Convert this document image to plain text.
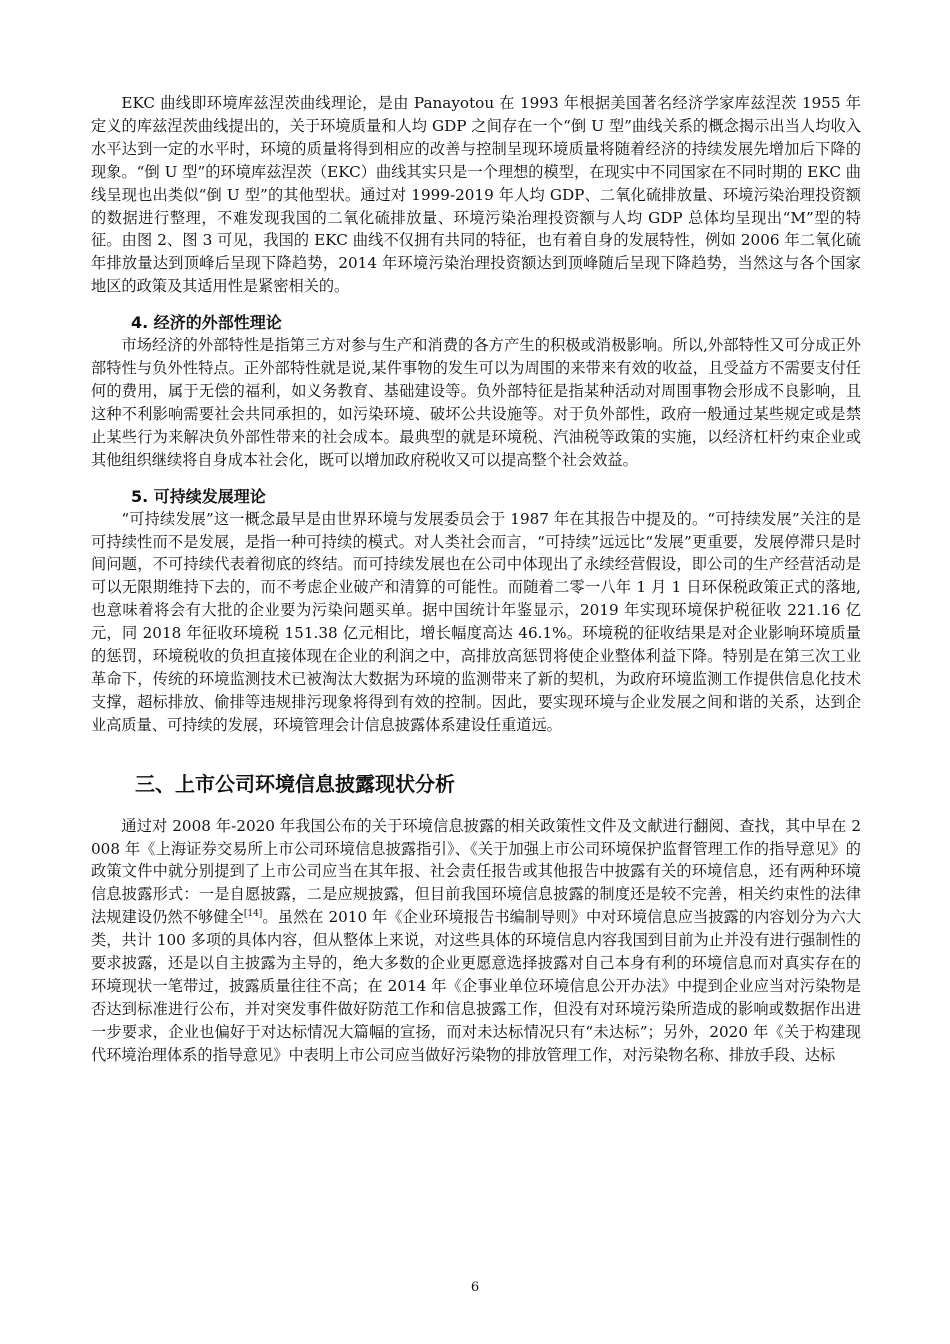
EKC 曲线即环境库兹涅茨曲线理论，是由 Panayotou 在 1993 年根据美国著名经济学家库兹涅茨 1955 年定义的库兹涅茨曲线提出的，关于环境质量和人均 GDP 之间存在一个“倒 U 型”曲线关系的概念揭示出当人均收入水平达到一定的水平时，环境的质量将得到相应的改善与控制呈现环境质量将随着经济的持续发展先增加后下降的现象。“倒 U 型”的环境库兹涅茨（EKC）曲线其实只是一个理想的模型，在现实中不同国家在不同时期的 EKC 曲线呈现也出类似“倒 U 型”的其他型状。通过对 1999-2019 年人均 GDP、二氧化硫排放量、环境污染治理投资额的数据进行整理，不难发现我国的二氧化硫排放量、环境污染治理投资额与人均 GDP 总体均呈现出“M”型的特征。由图 2、图 3 可见，我国的 EKC 曲线不仅拥有共同的特征，也有着自身的发展特性，例如 2006 年二氧化硫年排放量达到顶峰后呈现下降趋势，2014 年环境污染治理投资额达到顶峰随后呈现下降趋势，当然这与各个国家地区的政策及其适用性是紧密相关的。

4. 经济的外部性理论

市场经济的外部特性是指第三方对参与生产和消费的各方产生的积极或消极影响。所以,外部特性又可分成正外部特性与负外性特点。正外部特性就是说,某件事物的发生可以为周围的来带来有效的收益，且受益方不需要支付任何的费用，属于无偿的福利，如义务教育、基础建设等。负外部特征是指某种活动对周围事物会形成不良影响，且这种不利影响需要社会共同承担的，如污染环境、破坏公共设施等。对于负外部性，政府一般通过某些规定或是禁止某些行为来解决负外部性带来的社会成本。最典型的就是环境税、汽油税等政策的实施，以经济杠杆约束企业或其他组织继续将自身成本社会化，既可以增加政府税收又可以提高整个社会效益。

5. 可持续发展理论

“可持续发展”这一概念最早是由世界环境与发展委员会于 1987 年在其报告中提及的。“可持续发展”关注的是可持续性而不是发展，是指一种可持续的模式。对人类社会而言，“可持续”远远比“发展”更重要，发展停滞只是时间问题，不可持续代表着彻底的终结。而可持续发展也在公司中体现出了永续经营假设，即公司的生产经营活动是可以无限期维持下去的，而不考虑企业破产和清算的可能性。而随着二零一八年 1 月 1 日环保税政策正式的落地,也意味着将会有大批的企业要为污染问题买单。据中国统计年鉴显示，2019 年实现环境保护税征收 221.16 亿元，同 2018 年征收环境税 151.38 亿元相比，增长幅度高达 46.1%。环境税的征收结果是对企业影响环境质量的惩罚，环境税收的负担直接体现在企业的利润之中，高排放高惩罚将使企业整体利益下降。特别是在第三次工业革命下，传统的环境监测技术已被淘汰大数据为环境的监测带来了新的契机，为政府环境监测工作提供信息化技术支撑，超标排放、偷排等违规排污现象将得到有效的控制。因此，要实现环境与企业发展之间和谐的关系，达到企业高质量、可持续的发展，环境管理会计信息披露体系建设任重道远。

三、上市公司环境信息披露现状分析

通过对 2008 年-2020 年我国公布的关于环境信息披露的相关政策性文件及文献进行翻阅、查找，其中早在 2008 年《上海证券交易所上市公司环境信息披露指引》、《关于加强上市公司环境保护监督管理工作的指导意见》的政策文件中就分别提到了上市公司应当在其年报、社会责任报告或其他报告中披露有关的环境信息，还有两种环境信息披露形式：一是自愿披露，二是应规披露，但目前我国环境信息披露的制度还是较不完善，相关约束性的法律法规建设仍然不够健全[14]。虽然在 2010 年《企业环境报告书编制导则》中对环境信息应当披露的内容划分为六大类，共计 100 多项的具体内容，但从整体上来说，对这些具体的环境信息内容我国到目前为止并没有进行强制性的要求披露，还是以自主披露为主导的，绝大多数的企业更愿意选择披露对自己本身有利的环境信息而对真实存在的环境现状一笔带过，披露质量往往不高；在 2014 年《企事业单位环境信息公开办法》中提到企业应当对污染物是否达到标准进行公布，并对突发事件做好防范工作和信息披露工作，但没有对环境污染所造成的影响或数据作出进一步要求，企业也偏好于对达标情况大篇幅的宣扬，而对未达标情况只有“未达标”；另外，2020 年《关于构建现代环境治理体系的指导意见》中表明上市公司应当做好污染物的排放管理工作，对污染物名称、排放手段、达标

6
